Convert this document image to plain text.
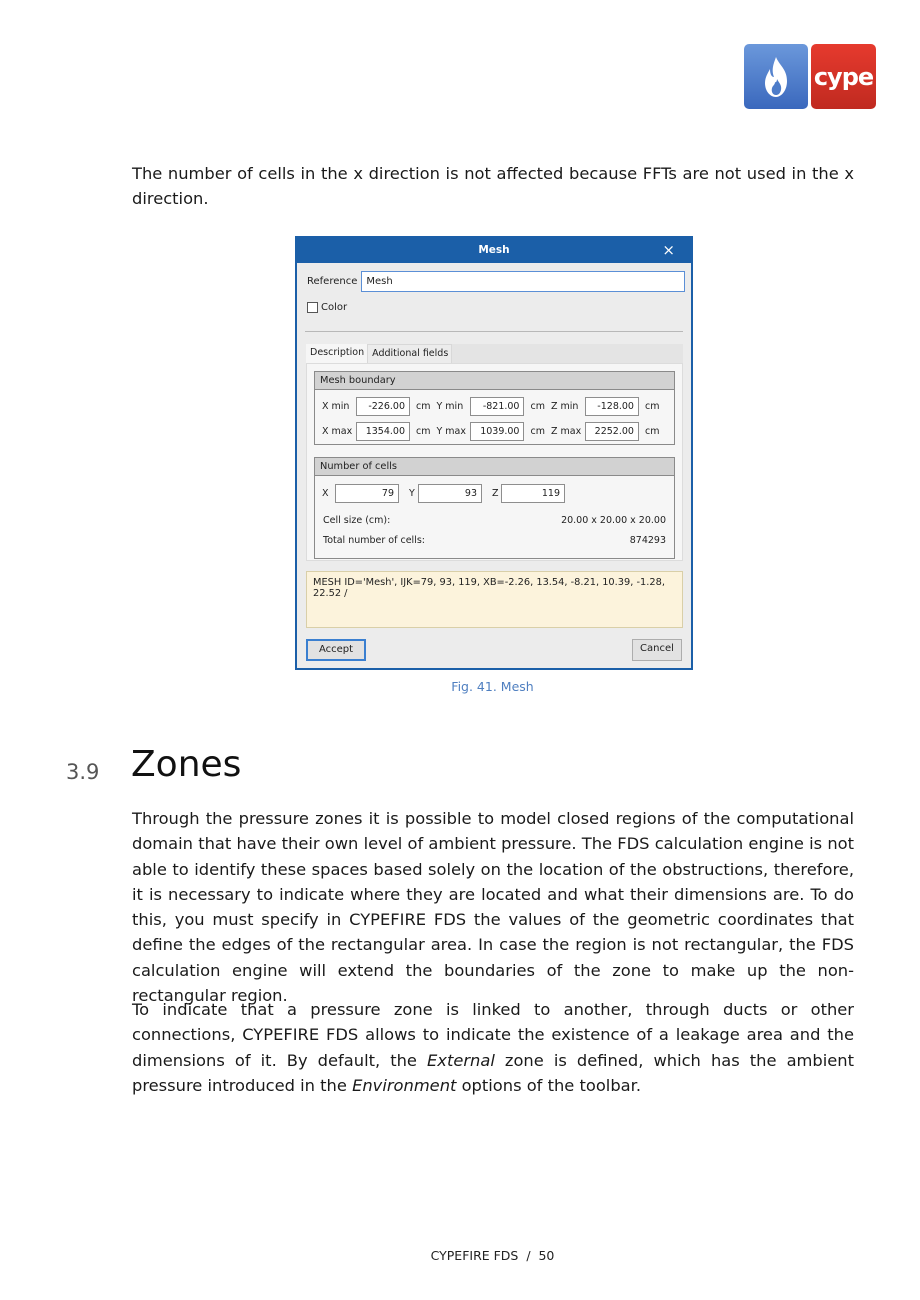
cype

The number of cells in the x direction is not affected because FFTs are not used in the x direction.

Mesh	×
Reference Mesh
Color
Description Additional fields
Mesh boundary
X min	-226.00	cm Y min	-821.00	cm Z min	-128.00	cm
X max	1354.00	cm Y max	1039.00	cm Z max	2252.00	cm
Number of cells
X	79	Y	93	Z	119
Cell size (cm):	20.00 x 20.00 x 20.00
Total number of cells:	874293
MESH ID='Mesh', IJK=79, 93, 119, XB=-2.26, 13.54, -8.21, 10.39, -1.28, 22.52 /
Accept	Cancel
Fig. 41. Mesh
3.9 Zones

Through the pressure zones it is possible to model closed regions of the computational domain that have their own level of ambient pressure. The FDS calculation engine is not able to identify these spaces based solely on the location of the obstructions, therefore, it is necessary to indicate where they are located and what their dimensions are. To do this, you must specify in CYPEFIRE FDS the values of the geometric coordinates that define the edges of the rectangular area. In case the region is not rectangular, the FDS calculation engine will extend the boundaries of the zone to make up the non-rectangular region.

To indicate that a pressure zone is linked to another, through ducts or other connections, CYPEFIRE FDS allows to indicate the existence of a leakage area and the dimensions of it. By default, the External zone is defined, which has the ambient pressure introduced in the Environment options of the toolbar.

CYPEFIRE FDS  /  50
